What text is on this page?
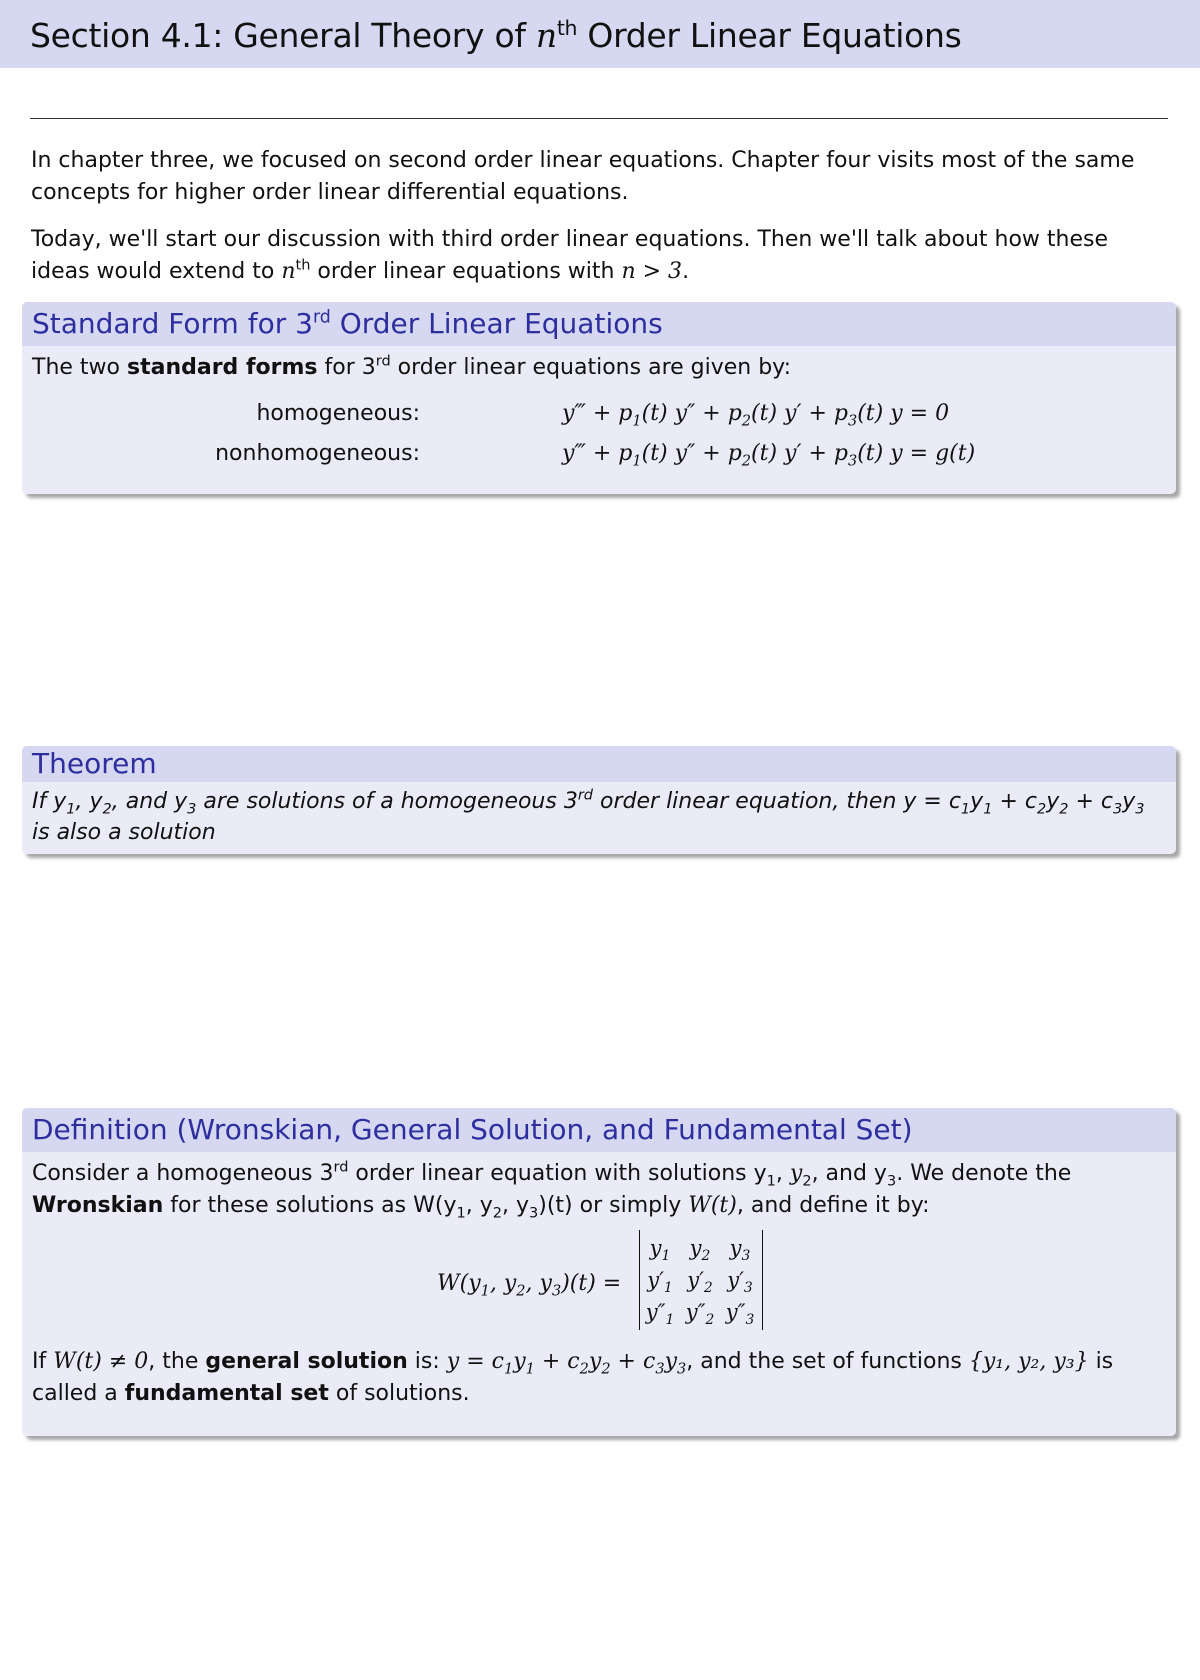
Section 4.1: General Theory of $n^{th}$ Order Linear Equations
In chapter three, we focused on second order linear equations. Chapter four visits most of the same concepts for higher order linear differential equations.
Today, we'll start our discussion with third order linear equations. Then we'll talk about how these ideas would extend to $n^{th}$ order linear equations with n > 3.
Standard Form for 3rd Order Linear Equations
The two standard forms for 3rd order linear equations are given by:
homogeneous:	y‴ + $p_1(t) y'' + p_2(t) y' + p_3(t) y = 0$
nonhomogeneous:	y‴ + $p_1(t) y'' + p_2(t) y' + p_3(t) y = g(t)$
Theorem
If $y_1$, $y_2$, and $y_3$ are solutions of a homogeneous 3rd order linear equation, then $y = c_1y_1 + c_2y_2 + c_3y_3$ is also a solution
Definition (Wronskian, General Solution, and Fundamental Set)
Consider a homogeneous 3rd order linear equation with solutions $y_1$, $y_2$, and $y_3$. We denote the
Wronskian for these solutions as $W(y_1$, $y_2$, $y_3)(t)$ or simply W(t), and define it by:
$W(y_1$, $y_2$, $y_3)(t)$ =
$y_1$ $y_2$ $y_3$
$y'_1$ $y'_2$ $y'_3$
$y''_1$ $y''_2$ $y''_3$
If W(t) ≠ 0, the general solution is: $y = c_1y_1 + c_2y_2 + c_3y_3$, and the set of functions {y₁, y₂, y₃} is
called a fundamental set of solutions.
